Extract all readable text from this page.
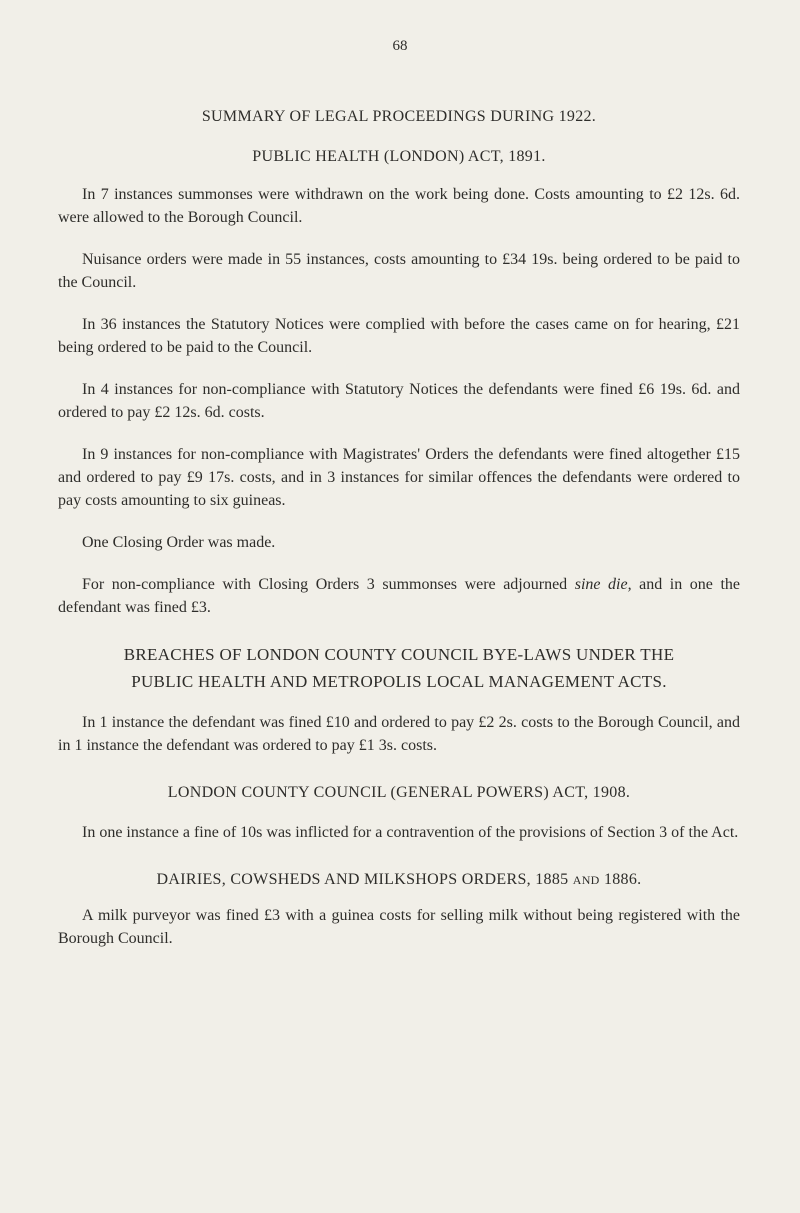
68

SUMMARY OF LEGAL PROCEEDINGS DURING 1922.

PUBLIC HEALTH (LONDON) ACT, 1891.

In 7 instances summonses were withdrawn on the work being done. Costs amounting to £2 12s. 6d. were allowed to the Borough Council.

Nuisance orders were made in 55 instances, costs amounting to £34 19s. being ordered to be paid to the Council.

In 36 instances the Statutory Notices were complied with before the cases came on for hearing, £21 being ordered to be paid to the Council.

In 4 instances for non-compliance with Statutory Notices the defendants were fined £6 19s. 6d. and ordered to pay £2 12s. 6d. costs.

In 9 instances for non-compliance with Magistrates' Orders the defendants were fined altogether £15 and ordered to pay £9 17s. costs, and in 3 instances for similar offences the defendants were ordered to pay costs amounting to six guineas.

One Closing Order was made.

For non-compliance with Closing Orders 3 summonses were adjourned sine die, and in one the defendant was fined £3.

BREACHES OF LONDON COUNTY COUNCIL BYE-LAWS UNDER THE

PUBLIC HEALTH AND METROPOLIS LOCAL MANAGEMENT ACTS.

In 1 instance the defendant was fined £10 and ordered to pay £2 2s. costs to the Borough Council, and in 1 instance the defendant was ordered to pay £1 3s. costs.

LONDON COUNTY COUNCIL (GENERAL POWERS) ACT, 1908.

In one instance a fine of 10s was inflicted for a contravention of the provisions of Section 3 of the Act.

DAIRIES, COWSHEDS AND MILKSHOPS ORDERS, 1885 AND 1886.

A milk purveyor was fined £3 with a guinea costs for selling milk without being registered with the Borough Council.
